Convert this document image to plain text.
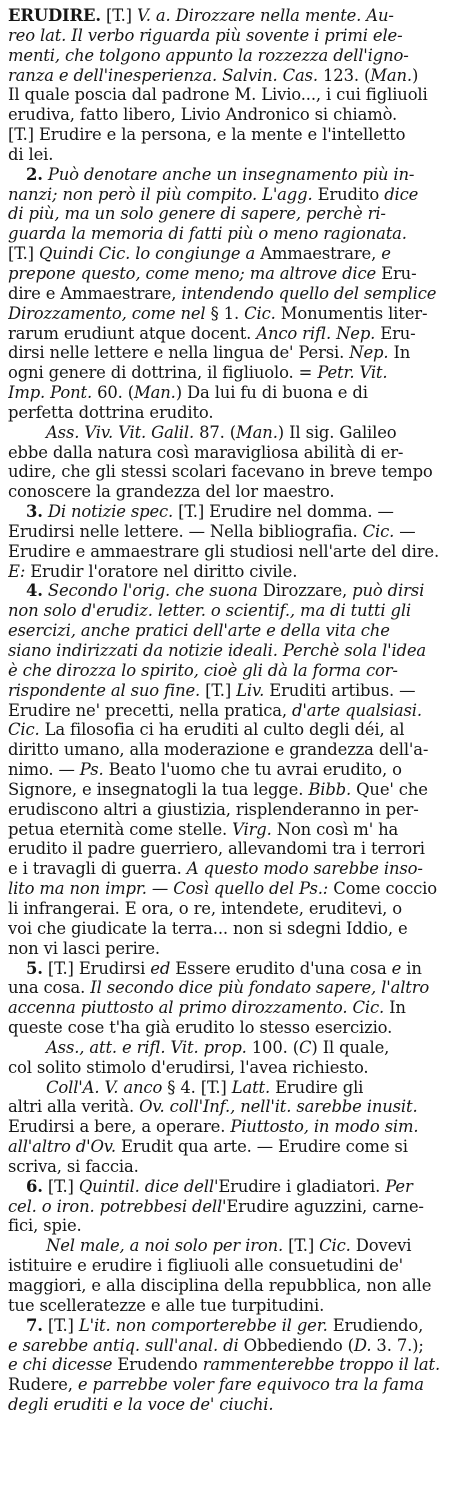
ERUDIRE. [T.] V. a. Dirozzare nella mente. Au-
reo lat. Il verbo riguarda più sovente i primi ele-
menti, che tolgono appunto la rozzezza dell'igno-
ranza e dell'inesperienza. Salvin. Cas. 123. (Man.)
Il quale poscia dal padrone M. Livio..., i cui figliuoli
erudiva, fatto libero, Livio Andronico si chiamò.
[T.] Erudire e la persona, e la mente e l'intelletto
di lei.
2. Può denotare anche un insegnamento più in-
nanzi; non però il più compito. L'agg. Erudito dice
di più, ma un solo genere di sapere, perchè ri-
guarda la memoria di fatti più o meno ragionata.
[T.] Quindi Cic. lo congiunge a Ammaestrare, e
prepone questo, come meno; ma altrove dice Eru-
dire e Ammaestrare, intendendo quello del semplice
Dirozzamento, come nel § 1. Cic. Monumentis liter-
rarum erudiunt atque docent. Anco rifl. Nep. Eru-
dirsi nelle lettere e nella lingua de' Persi. Nep. In
ogni genere di dottrina, il figliuolo. = Petr. Vit.
Imp. Pont. 60. (Man.) Da lui fu di buona e di
perfetta dottrina erudito.
Ass. Viv. Vit. Galil. 87. (Man.) Il sig. Galileo
ebbe dalla natura così maravigliosa abilità di er-
udire, che gli stessi scolari facevano in breve tempo
conoscere la grandezza del lor maestro.
3. Di notizie spec. [T.] Erudire nel domma. —
Erudirsi nelle lettere. — Nella bibliografia. Cic. —
Erudire e ammaestrare gli studiosi nell'arte del dire.
E: Erudir l'oratore nel diritto civile.
4. Secondo l'orig. che suona Dirozzare, può dirsi
non solo d'erudiz. letter. o scientif., ma di tutti gli
esercizi, anche pratici dell'arte e della vita che
siano indirizzati da notizie ideali. Perchè sola l'idea
è che dirozza lo spirito, cioè gli dà la forma cor-
rispondente al suo fine. [T.] Liv. Eruditi artibus. —
Erudire ne' precetti, nella pratica, d'arte qualsiasi.
Cic. La filosofia ci ha eruditi al culto degli déi, al
diritto umano, alla moderazione e grandezza dell'a-
nimo. — Ps. Beato l'uomo che tu avrai erudito, o
Signore, e insegnatogli la tua legge. Bibb. Que' che
erudiscono altri a giustizia, risplenderanno in per-
petua eternità come stelle. Virg. Non così m' ha
erudito il padre guerriero, allevandomi tra i terrori
e i travagli di guerra. A questo modo sarebbe inso-
lito ma non impr. — Così quello del Ps.: Come coccio
li infrangerai. E ora, o re, intendete, eruditevi, o
voi che giudicate la terra... non si sdegni Iddio, e
non vi lasci perire.
5. [T.] Erudirsi ed Essere erudito d'una cosa e in
una cosa. Il secondo dice più fondato sapere, l'altro
accenna piuttosto al primo dirozzamento. Cic. In
queste cose t'ha già erudito lo stesso esercizio.
Ass., att. e rifl. Vit. prop. 100. (C) Il quale,
col solito stimolo d'erudirsi, l'avea richiesto.
Coll'A. V. anco § 4. [T.] Latt. Erudire gli
altri alla verità. Ov. coll'Inf., nell'it. sarebbe inusit.
Erudirsi a bere, a operare. Piuttosto, in modo sim.
all'altro d'Ov. Erudit qua arte. — Erudire come si
scriva, si faccia.
6. [T.] Quintil. dice dell'Erudire i gladiatori. Per
cel. o iron. potrebbesi dell'Erudire aguzzini, carne-
fici, spie.
Nel male, a noi solo per iron. [T.] Cic. Dovevi
istituire e erudire i figliuoli alle consuetudini de'
maggiori, e alla disciplina della repubblica, non alle
tue scelleratezze e alle tue turpitudini.
7. [T.] L'it. non comporterebbe il ger. Erudiendo,
e sarebbe antiq. sull'anal. di Obbediendo (D. 3. 7.);
e chi dicesse Erudendo rammenterebbe troppo il lat.
Rudere, e parrebbe voler fare equivoco tra la fama
degli eruditi e la voce de' ciuchi.
